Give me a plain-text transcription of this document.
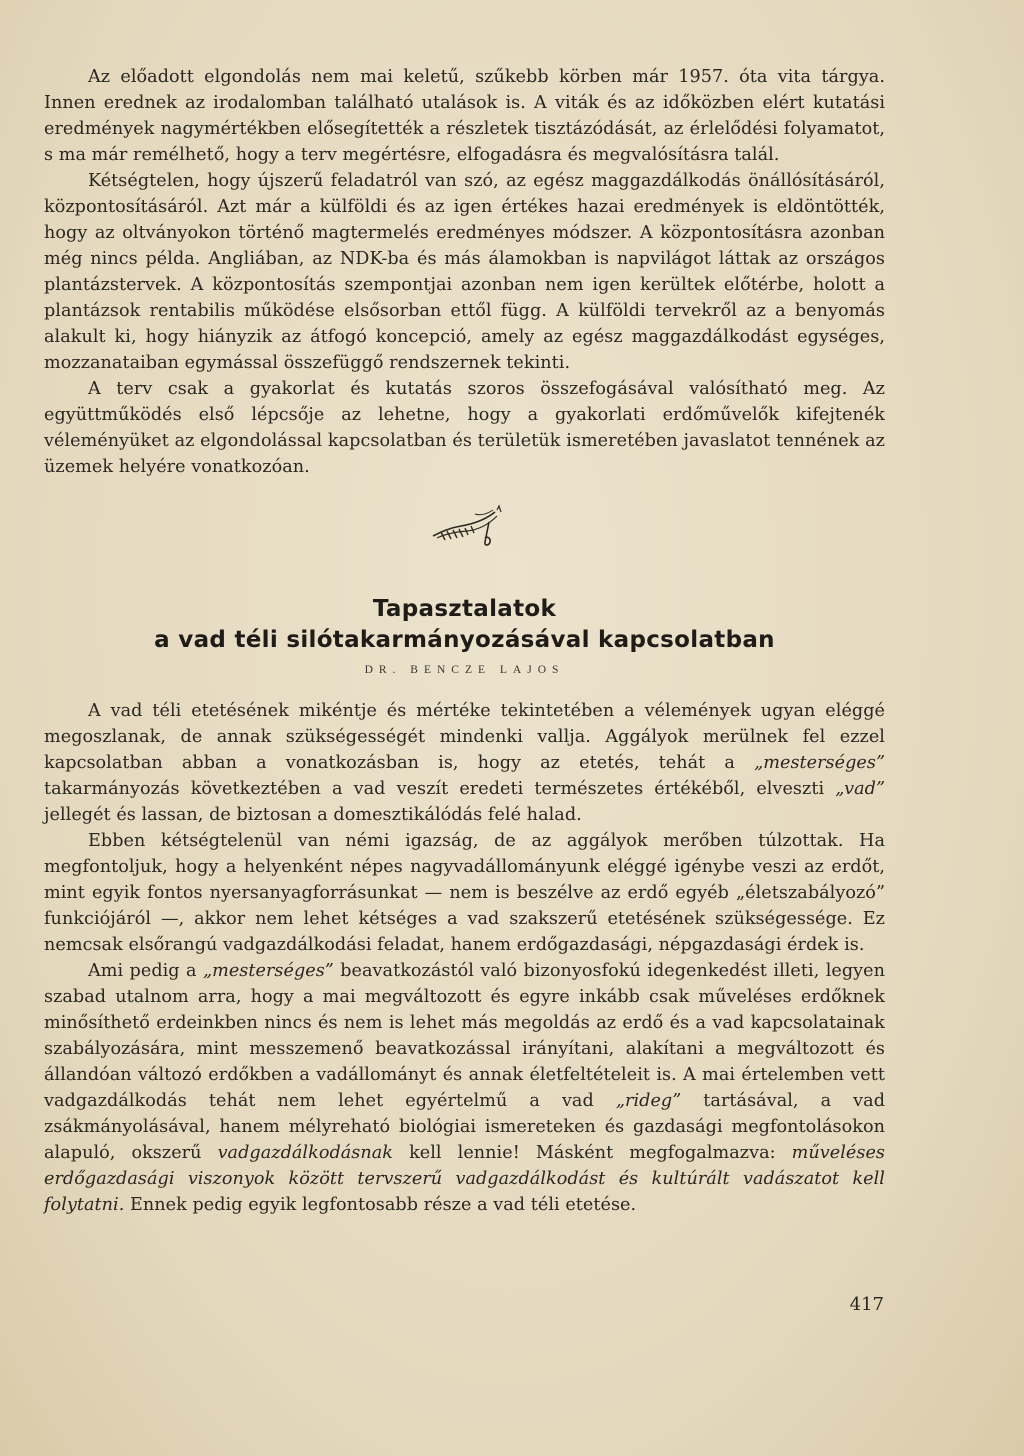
Az előadott elgondolás nem mai keletű, szűkebb körben már 1957. óta vita tárgya. Innen erednek az irodalomban található utalások is. A viták és az időközben elért kutatási eredmények nagymértékben elősegítették a részletek tisztázódását, az érlelődési folyamatot, s ma már remélhető, hogy a terv megértésre, elfogadásra és megvalósításra talál.

Kétségtelen, hogy újszerű feladatról van szó, az egész maggazdálkodás önállósításáról, központosításáról. Azt már a külföldi és az igen értékes hazai eredmények is eldöntötték, hogy az oltványokon történő magtermelés eredményes módszer. A központosításra azonban még nincs példa. Angliában, az NDK-ba és más álamokban is napvilágot láttak az országos plantázstervek. A központosítás szempontjai azonban nem igen kerültek előtérbe, holott a plantázsok rentabilis működése elsősorban ettől függ. A külföldi tervekről az a benyomás alakult ki, hogy hiányzik az átfogó koncepció, amely az egész maggazdálkodást egységes, mozzanataiban egymással összefüggő rendszernek tekinti.

A terv csak a gyakorlat és kutatás szoros összefogásával valósítható meg. Az együttműködés első lépcsője az lehetne, hogy a gyakorlati erdőművelők kifejtenék véleményüket az elgondolással kapcsolatban és területük ismeretében javaslatot tennének az üzemek helyére vonatkozóan.

Tapasztalatok

a vad téli silótakarmányozásával kapcsolatban

DR. BENCZE LAJOS

A vad téli etetésének mikéntje és mértéke tekintetében a vélemények ugyan eléggé megoszlanak, de annak szükségességét mindenki vallja. Aggályok merülnek fel ezzel kapcsolatban abban a vonatkozásban is, hogy az etetés, tehát a „mesterséges” takarmányozás következtében a vad veszít eredeti természetes értékéből, elveszti „vad” jellegét és lassan, de biztosan a domesztikálódás felé halad.

Ebben kétségtelenül van némi igazság, de az aggályok merőben túlzottak. Ha megfontoljuk, hogy a helyenként népes nagyvadállományunk eléggé igénybe veszi az erdőt, mint egyik fontos nyersanyagforrásunkat — nem is beszélve az erdő egyéb „életszabályozó” funkciójáról —, akkor nem lehet kétséges a vad szakszerű etetésének szükségessége. Ez nemcsak elsőrangú vadgazdálkodási feladat, hanem erdőgazdasági, népgazdasági érdek is.

Ami pedig a „mesterséges” beavatkozástól való bizonyosfokú idegenkedést illeti, legyen szabad utalnom arra, hogy a mai megváltozott és egyre inkább csak műveléses erdőknek minősíthető erdeinkben nincs és nem is lehet más megoldás az erdő és a vad kapcsolatainak szabályozására, mint messzemenő beavatkozással irányítani, alakítani a megváltozott és állandóan változó erdőkben a vadállományt és annak életfeltételeit is. A mai értelemben vett vadgazdálkodás tehát nem lehet egyértelmű a vad „rideg” tartásával, a vad zsákmányolásával, hanem mélyreható biológiai ismereteken és gazdasági megfontolásokon alapuló, okszerű vadgazdálkodásnak kell lennie! Másként megfogalmazva: műveléses erdőgazdasági viszonyok között tervszerű vadgazdálkodást és kultúrált vadászatot kell folytatni. Ennek pedig egyik legfontosabb része a vad téli etetése.

417
